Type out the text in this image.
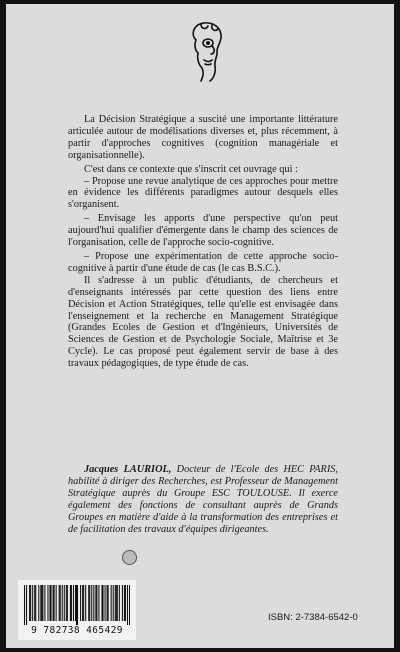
La Décision Stratégique a suscité une importante littérature articulée autour de modélisations diverses et, plus récemment, à partir d'approches cognitives (cognition managériale et organisationnelle).

C'est dans ce contexte que s'inscrit cet ouvrage qui :

– Propose une revue analytique de ces approches pour mettre en évidence les différents paradigmes autour desquels elles s'organisent.

– Envisage les apports d'une perspective qu'on peut aujourd'hui qualifier d'émergente dans le champ des sciences de l'organisation, celle de l'approche socio-cognitive.

– Propose une expérimentation de cette approche socio-cognitive à partir d'une étude de cas (le cas B.S.C.).

Il s'adresse à un public d'étudiants, de chercheurs et d'enseignants intéressés par cette question des liens entre Décision et Action Stratégiques, telle qu'elle est envisagée dans l'enseignement et la recherche en Management Stratégique (Grandes Ecoles de Gestion et d'Ingénieurs, Universités de Sciences de Gestion et de Psychologie Sociale, Maîtrise et 3e Cycle). Le cas proposé peut également servir de base à des travaux pédagogiques, de type étude de cas.

Jacques LAURIOL, Docteur de l'Ecole des HEC PARIS, habilité à diriger des Recherches, est Professeur de Management Stratégique auprès du Groupe ESC TOULOUSE. Il exerce également des fonctions de consultant auprès de Grands Groupes en matière d'aide à la transformation des entreprises et de facilitation des travaux d'équipes dirigeantes.
9 782738 465429
ISBN: 2-7384-6542-0
